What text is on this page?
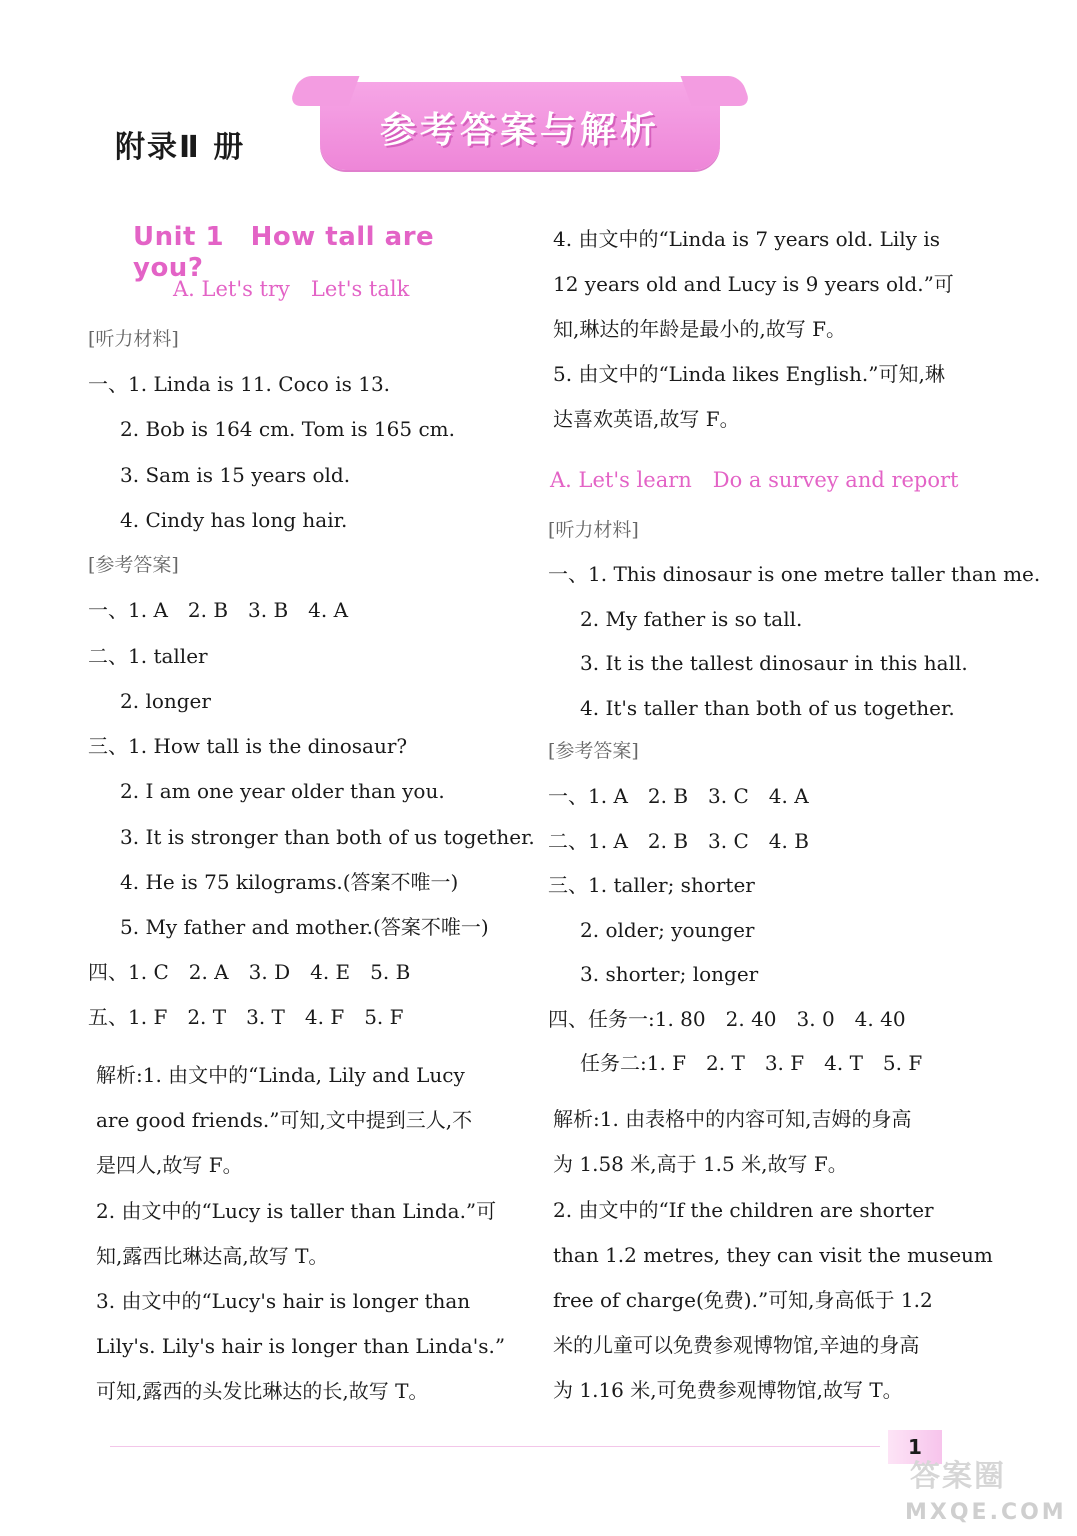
附录Ⅱ 册	参考答案与解析
Unit 1　How tall are you?
A. Let's try　Let's talk
[听力材料]
一、1. Linda is 11. Coco is 13.
2. Bob is 164 cm. Tom is 165 cm.
3. Sam is 15 years old.
4. Cindy has long hair.
[参考答案]
一、1. A　2. B　3. B　4. A
二、1. taller
2. longer
三、1. How tall is the dinosaur?
2. I am one year older than you.
3. It is stronger than both of us together.
4. He is 75 kilograms.(答案不唯一)
5. My father and mother.(答案不唯一)
四、1. C　2. A　3. D　4. E　5. B
五、1. F　2. T　3. T　4. F　5. F
解析:1. 由文中的“Linda, Lily and Lucy
are good friends.”可知,文中提到三人,不
是四人,故写 F。
2. 由文中的“Lucy is taller than Linda.”可
知,露西比琳达高,故写 T。
3. 由文中的“Lucy's hair is longer than
Lily's. Lily's hair is longer than Linda's.”
可知,露西的头发比琳达的长,故写 T。
4. 由文中的“Linda is 7 years old. Lily is
12 years old and Lucy is 9 years old.”可
知,琳达的年龄是最小的,故写 F。
5. 由文中的“Linda likes English.”可知,琳
达喜欢英语,故写 F。
A. Let's learn　Do a survey and report
[听力材料]
一、1. This dinosaur is one metre taller than me.
2. My father is so tall.
3. It is the tallest dinosaur in this hall.
4. It's taller than both of us together.
[参考答案]
一、1. A　2. B　3. C　4. A
二、1. A　2. B　3. C　4. B
三、1. taller; shorter
2. older; younger
3. shorter; longer
四、任务一:1. 80　2. 40　3. 0　4. 40
任务二:1. F　2. T　3. F　4. T　5. F
解析:1. 由表格中的内容可知,吉姆的身高
为 1.58 米,高于 1.5 米,故写 F。
2. 由文中的“If the children are shorter
than 1.2 metres, they can visit the museum
free of charge(免费).”可知,身高低于 1.2
米的儿童可以免费参观博物馆,辛迪的身高
为 1.16 米,可免费参观博物馆,故写 T。
1
答案圈
MXQE.COM
